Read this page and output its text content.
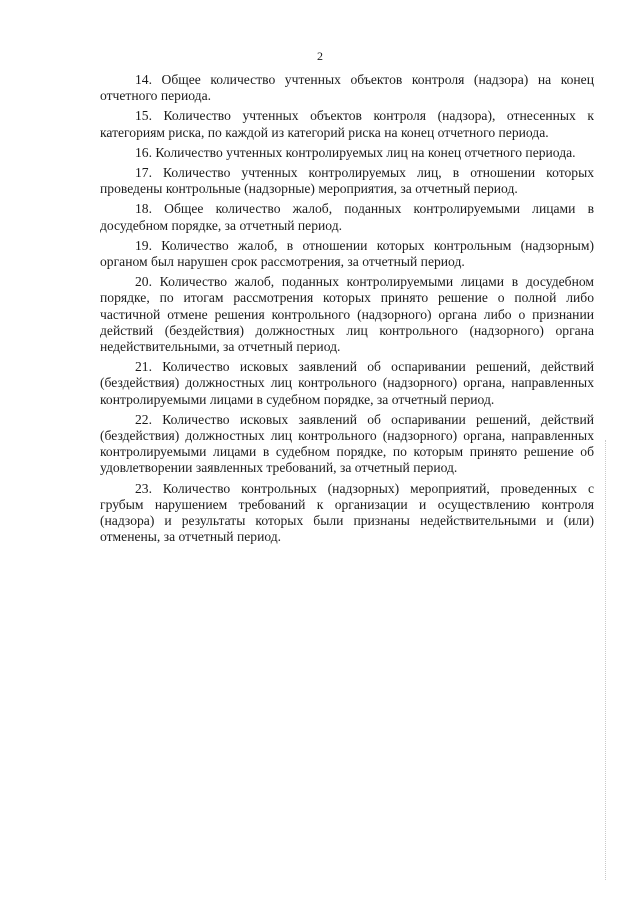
2

14. Общее количество учтенных объектов контроля (надзора) на конец отчетного периода.

15. Количество учтенных объектов контроля (надзора), отнесенных к категориям риска, по каждой из категорий риска на конец отчетного периода.

16. Количество учтенных контролируемых лиц на конец отчетного периода.

17. Количество учтенных контролируемых лиц, в отношении которых проведены контрольные (надзорные) мероприятия, за отчетный период.

18. Общее количество жалоб, поданных контролируемыми лицами в досудебном порядке, за отчетный период.

19. Количество жалоб, в отношении которых контрольным (надзорным) органом был нарушен срок рассмотрения, за отчетный период.

20. Количество жалоб, поданных контролируемыми лицами в досудебном порядке, по итогам рассмотрения которых принято решение о полной либо частичной отмене решения контрольного (надзорного) органа либо о признании действий (бездействия) должностных лиц контрольного (надзорного) органа недействительными, за отчетный период.

21. Количество исковых заявлений об оспаривании решений, действий (бездействия) должностных лиц контрольного (надзорного) органа, направленных контролируемыми лицами в судебном порядке, за отчетный период.

22. Количество исковых заявлений об оспаривании решений, действий (бездействия) должностных лиц контрольного (надзорного) органа, направленных контролируемыми лицами в судебном порядке, по которым принято решение об удовлетворении заявленных требований, за отчетный период.

23. Количество контрольных (надзорных) мероприятий, проведенных с грубым нарушением требований к организации и осуществлению контроля (надзора) и результаты которых были признаны недействительными и (или) отменены, за отчетный период.
